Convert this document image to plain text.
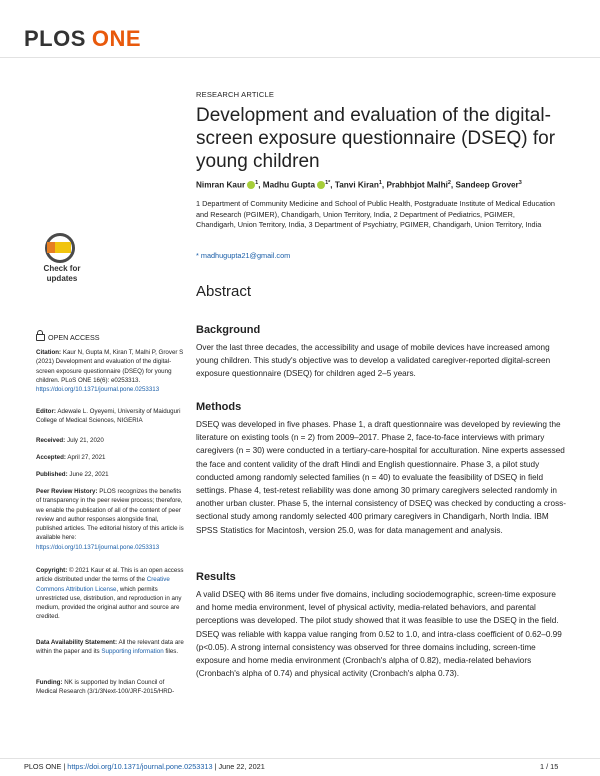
PLOS ONE
RESEARCH ARTICLE
Development and evaluation of the digital-screen exposure questionnaire (DSEQ) for young children
Nimran Kaur $^1$, Madhu Gupta $^{1*}$, Tanvi Kiran$^1$, Prabhbjot Malhi$^2$, Sandeep Grover$^3$
1 Department of Community Medicine and School of Public Health, Postgraduate Institute of Medical Education and Research (PGIMER), Chandigarh, Union Territory, India, 2 Department of Pediatrics, PGIMER, Chandigarh, Union Territory, India, 3 Department of Psychiatry, PGIMER, Chandigarh, Union Territory, India
* madhugupta21@gmail.com
Abstract
Background
Over the last three decades, the accessibility and usage of mobile devices have increased among young children. This study's objective was to develop a validated caregiver-reported digital-screen exposure questionnaire (DSEQ) for children aged 2–5 years.
Methods
DSEQ was developed in five phases. Phase 1, a draft questionnaire was developed by reviewing the literature on existing tools (n = 2) from 2009–2017. Phase 2, face-to-face interviews with primary caregivers (n = 30) were conducted in a tertiary-care-hospital for acculturation. Nine experts assessed the face and content validity of the draft Hindi and English questionnaire. Phase 3, a pilot study conducted among randomly selected families (n = 40) to evaluate the feasibility of DSEQ in field settings. Phase 4, test-retest reliability was done among 30 primary caregivers selected randomly in another urban cluster. Phase 5, the internal consistency of DSEQ was checked by conducting a cross-sectional study among randomly selected 400 primary caregivers in Chandigarh, North India. IBM SPSS Statistics for Macintosh, version 25.0, was for data management and analysis.
Results
A valid DSEQ with 86 items under five domains, including sociodemographic, screen-time exposure and home media environment, level of physical activity, media-related behaviors, and parental perceptions was developed. The pilot study showed that it was feasible to use the DSEQ in the field. DSEQ was reliable with kappa value ranging from 0.52 to 1.0, and intra-class coefficient of 0.62–0.99 (p<0.05). A strong internal consistency was observed for three domains including, screen-time exposure and home media environment (Cronbach's alpha of 0.82), media-related behaviors (Cronbach's alpha of 0.74) and physical activity (Cronbach's alpha 0.73).
Check for
updates
OPEN ACCESS
Citation: Kaur N, Gupta M, Kiran T, Malhi P, Grover S (2021) Development and evaluation of the digital-screen exposure questionnaire (DSEQ) for young children. PLoS ONE 16(6): e0253313. https://doi.org/10.1371/journal.pone.0253313
Editor: Adewale L. Oyeyemi, University of Maiduguri College of Medical Sciences, NIGERIA
Received: July 21, 2020
Accepted: April 27, 2021
Published: June 22, 2021
Peer Review History: PLOS recognizes the benefits of transparency in the peer review process; therefore, we enable the publication of all of the content of peer review and author responses alongside final, published articles. The editorial history of this article is available here: https://doi.org/10.1371/journal.pone.0253313
Copyright: © 2021 Kaur et al. This is an open access article distributed under the terms of the Creative Commons Attribution License, which permits unrestricted use, distribution, and reproduction in any medium, provided the original author and source are credited.
Data Availability Statement: All the relevant data are within the paper and its Supporting information files.
Funding: NK is supported by Indian Council of Medical Research (3/1/3Next-100/JRF-2015/HRD-
PLOS ONE | https://doi.org/10.1371/journal.pone.0253313 | June 22, 2021	1 / 15
